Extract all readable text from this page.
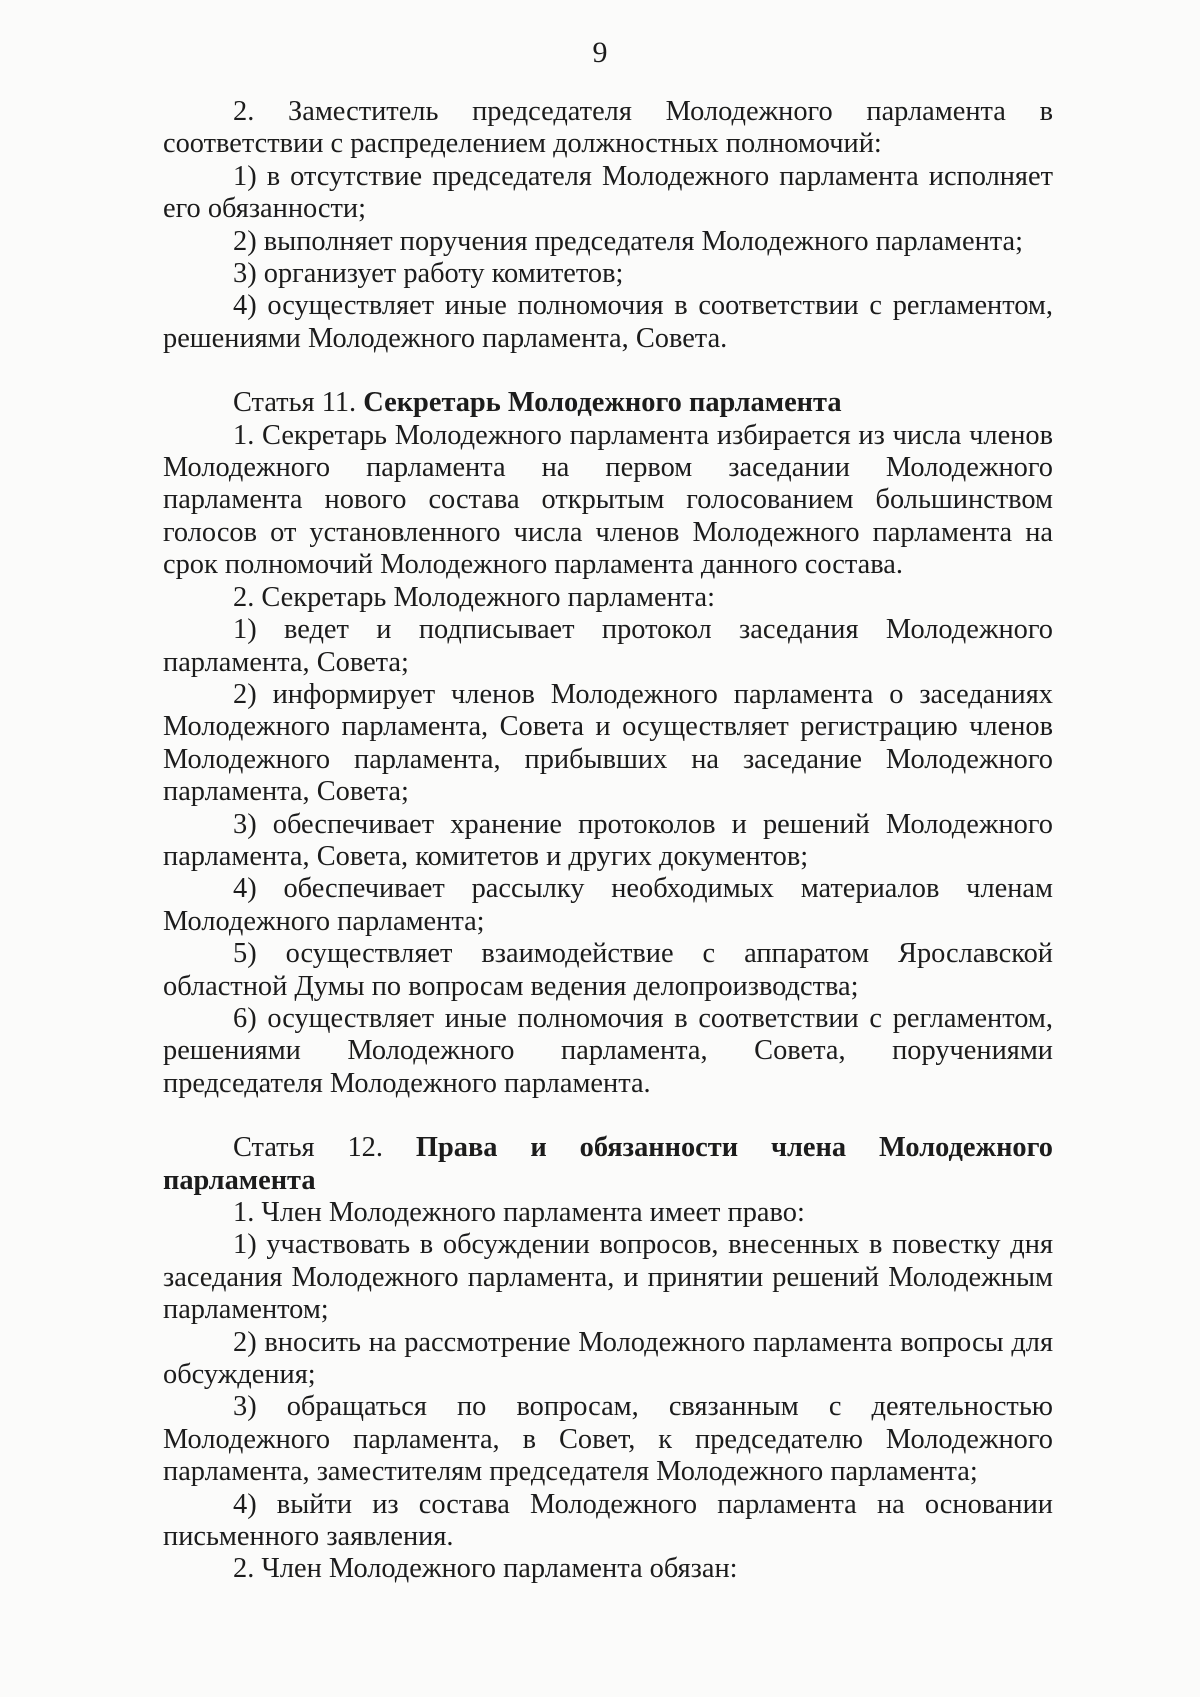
9

2. Заместитель председателя Молодежного парламента в соответствии с распределением должностных полномочий:

1) в отсутствие председателя Молодежного парламента исполняет его обязанности;

2) выполняет поручения председателя Молодежного парламента;

3) организует работу комитетов;

4) осуществляет иные полномочия в соответствии с регламентом, решениями Молодежного парламента, Совета.

Статья 11. Секретарь Молодежного парламента

1. Секретарь Молодежного парламента избирается из числа членов Молодежного парламента на первом заседании Молодежного парламента нового состава открытым голосованием большинством голосов от установленного числа членов Молодежного парламента на срок полномочий Молодежного парламента данного состава.

2. Секретарь Молодежного парламента:

1) ведет и подписывает протокол заседания Молодежного парламента, Совета;

2) информирует членов Молодежного парламента о заседаниях Молодежного парламента, Совета и осуществляет регистрацию членов Молодежного парламента, прибывших на заседание Молодежного парламента, Совета;

3) обеспечивает хранение протоколов и решений Молодежного парламента, Совета, комитетов и других документов;

4) обеспечивает рассылку необходимых материалов членам Молодежного парламента;

5) осуществляет взаимодействие с аппаратом Ярославской областной Думы по вопросам ведения делопроизводства;

6) осуществляет иные полномочия в соответствии с регламентом, решениями Молодежного парламента, Совета, поручениями председателя Молодежного парламента.

Статья 12. Права и обязанности члена Молодежного парламента

1. Член Молодежного парламента имеет право:

1) участвовать в обсуждении вопросов, внесенных в повестку дня заседания Молодежного парламента, и принятии решений Молодежным парламентом;

2) вносить на рассмотрение Молодежного парламента вопросы для обсуждения;

3) обращаться по вопросам, связанным с деятельностью Молодежного парламента, в Совет, к председателю Молодежного парламента, заместителям председателя Молодежного парламента;

4) выйти из состава Молодежного парламента на основании письменного заявления.

2. Член Молодежного парламента обязан:
